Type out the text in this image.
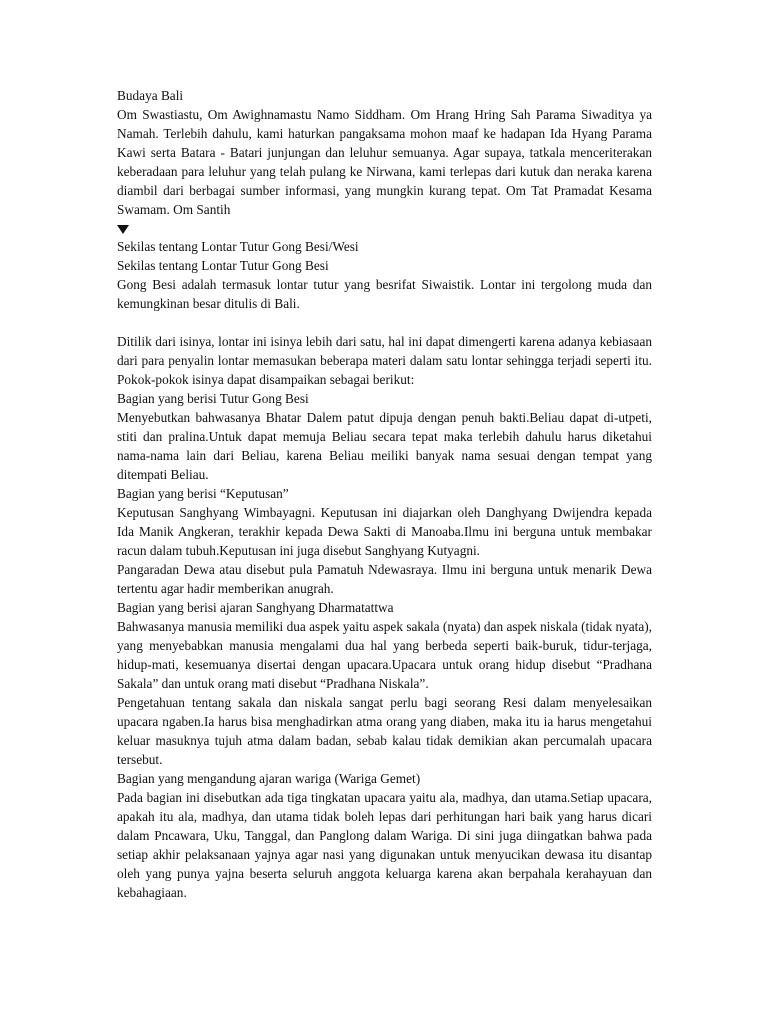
Budaya Bali

Om Swastiastu, Om Awighnamastu Namo Siddham. Om Hrang Hring Sah Parama Siwaditya ya Namah. Terlebih dahulu, kami haturkan pangaksama mohon maaf ke hadapan Ida Hyang Parama Kawi serta Batara - Batari junjungan dan leluhur semuanya. Agar supaya, tatkala menceriterakan keberadaan para leluhur yang telah pulang ke Nirwana, kami terlepas dari kutuk dan neraka karena diambil dari berbagai sumber informasi, yang mungkin kurang tepat. Om Tat Pramadat Kesama Swamam. Om Santih

Sekilas tentang Lontar Tutur Gong Besi/Wesi

Sekilas tentang Lontar Tutur Gong Besi

Gong Besi adalah termasuk lontar tutur yang besrifat Siwaistik. Lontar ini tergolong muda dan kemungkinan besar ditulis di Bali.

Ditilik dari isinya, lontar ini isinya lebih dari satu, hal ini dapat dimengerti karena adanya kebiasaan dari para penyalin lontar memasukan beberapa materi dalam satu lontar sehingga terjadi seperti itu. Pokok-pokok isinya dapat disampaikan sebagai berikut:

Bagian yang berisi Tutur Gong Besi

Menyebutkan bahwasanya Bhatar Dalem patut dipuja dengan penuh bakti.Beliau dapat di-utpeti, stiti dan pralina.Untuk dapat memuja Beliau secara tepat maka terlebih dahulu harus diketahui nama-nama lain dari Beliau, karena Beliau meiliki banyak nama sesuai dengan tempat yang ditempati Beliau.

Bagian yang berisi “Keputusan”

Keputusan Sanghyang Wimbayagni. Keputusan ini diajarkan oleh Danghyang Dwijendra kepada Ida Manik Angkeran, terakhir kepada Dewa Sakti di Manoaba.Ilmu ini berguna untuk membakar racun dalam tubuh.Keputusan ini juga disebut Sanghyang Kutyagni.

Pangaradan Dewa atau disebut pula Pamatuh Ndewasraya. Ilmu ini berguna untuk menarik Dewa tertentu agar hadir memberikan anugrah.

Bagian yang berisi ajaran Sanghyang Dharmatattwa

Bahwasanya manusia memiliki dua aspek yaitu aspek sakala (nyata) dan aspek niskala (tidak nyata), yang menyebabkan manusia mengalami dua hal yang berbeda seperti baik-buruk, tidur-terjaga, hidup-mati, kesemuanya disertai dengan upacara.Upacara untuk orang hidup disebut “Pradhana Sakala” dan untuk orang mati disebut “Pradhana Niskala”.

Pengetahuan tentang sakala dan niskala sangat perlu bagi seorang Resi dalam menyelesaikan upacara ngaben.Ia harus bisa menghadirkan atma orang yang diaben, maka itu ia harus mengetahui keluar masuknya tujuh atma dalam badan, sebab kalau tidak demikian akan percumalah upacara tersebut.

Bagian yang mengandung ajaran wariga (Wariga Gemet)

Pada bagian ini disebutkan ada tiga tingkatan upacara yaitu ala, madhya, dan utama.Setiap upacara, apakah itu ala, madhya, dan utama tidak boleh lepas dari perhitungan hari baik yang harus dicari dalam Pncawara, Uku, Tanggal, dan Panglong dalam Wariga. Di sini juga diingatkan bahwa pada setiap akhir pelaksanaan yajnya agar nasi yang digunakan untuk menyucikan dewasa itu disantap oleh yang punya yajna beserta seluruh anggota keluarga karena akan berpahala kerahayuan dan kebahagiaan.
